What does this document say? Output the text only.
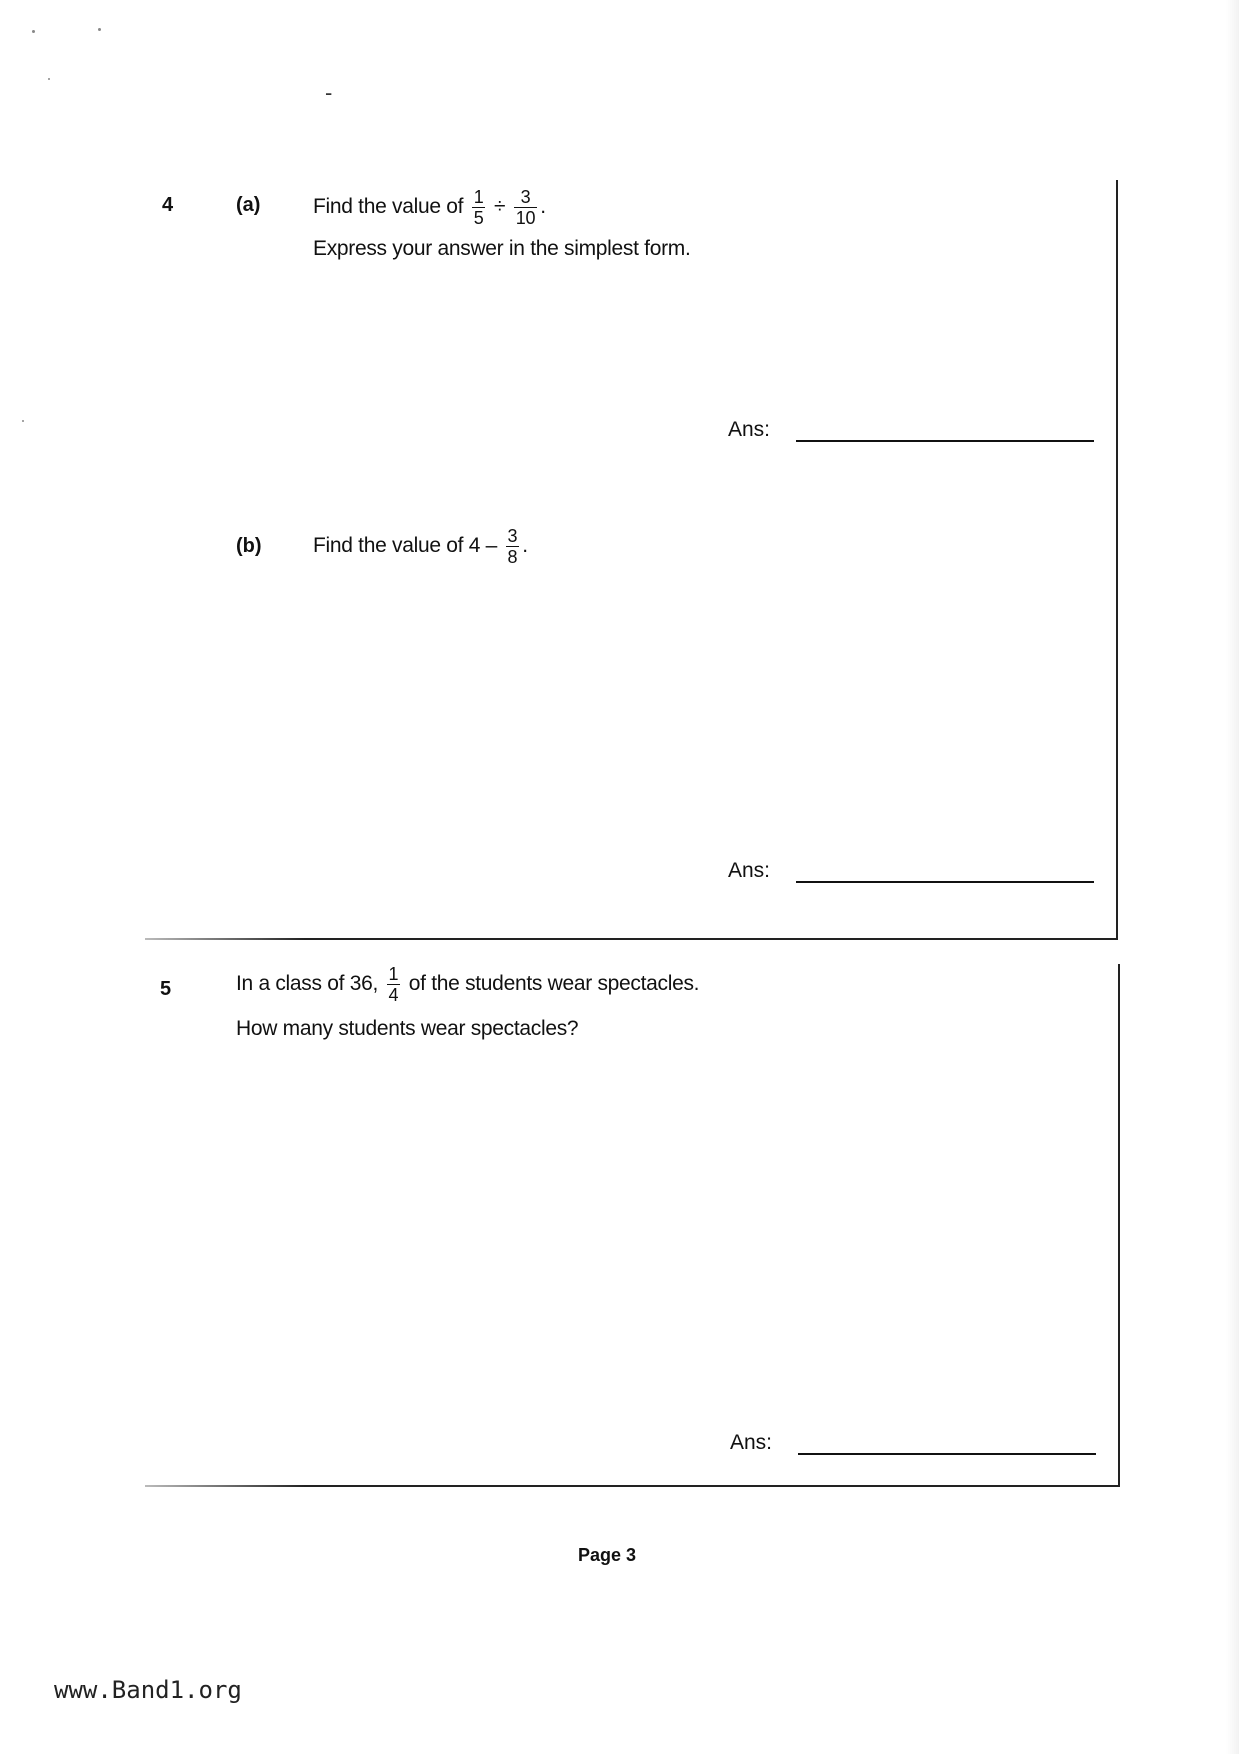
-
4	(a)	Find the value of $\frac{1}{5} \div \frac{3}{10}$ .
Express your answer in the simplest form.
Ans:
(b) Find the value of $4 - \frac{3}{8}$ .
Ans:
5	In a class of 36, $\frac{1}{4}$ of the students wear spectacles.
How many students wear spectacles?
Ans:
Page 3
www.Band1.org
